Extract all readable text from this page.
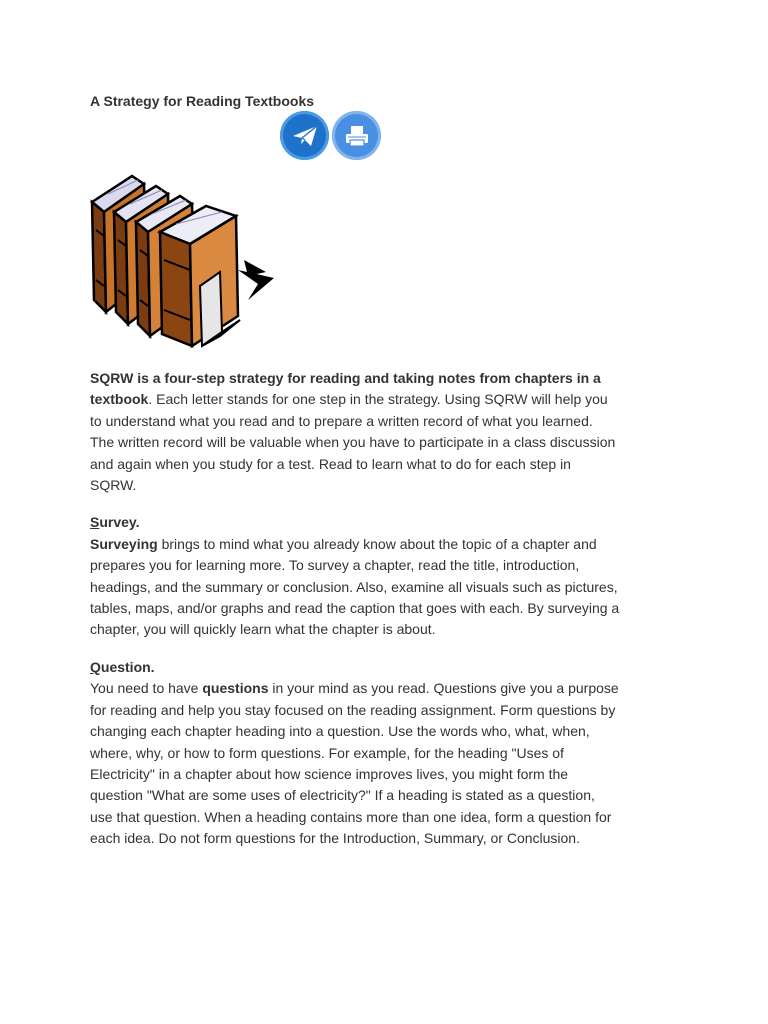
A Strategy for Reading Textbooks

SQRW is a four-step strategy for reading and taking notes from chapters in a textbook. Each letter stands for one step in the strategy. Using SQRW will help you to understand what you read and to prepare a written record of what you learned. The written record will be valuable when you have to participate in a class discussion and again when you study for a test. Read to learn what to do for each step in SQRW.

Survey.

Surveying brings to mind what you already know about the topic of a chapter and prepares you for learning more. To survey a chapter, read the title, introduction, headings, and the summary or conclusion. Also, examine all visuals such as pictures, tables, maps, and/or graphs and read the caption that goes with each. By surveying a chapter, you will quickly learn what the chapter is about.

Question.

You need to have questions in your mind as you read. Questions give you a purpose for reading and help you stay focused on the reading assignment. Form questions by changing each chapter heading into a question. Use the words who, what, when, where, why, or how to form questions. For example, for the heading "Uses of Electricity" in a chapter about how science improves lives, you might form the question "What are some uses of electricity?" If a heading is stated as a question, use that question. When a heading contains more than one idea, form a question for each idea. Do not form questions for the Introduction, Summary, or Conclusion.
